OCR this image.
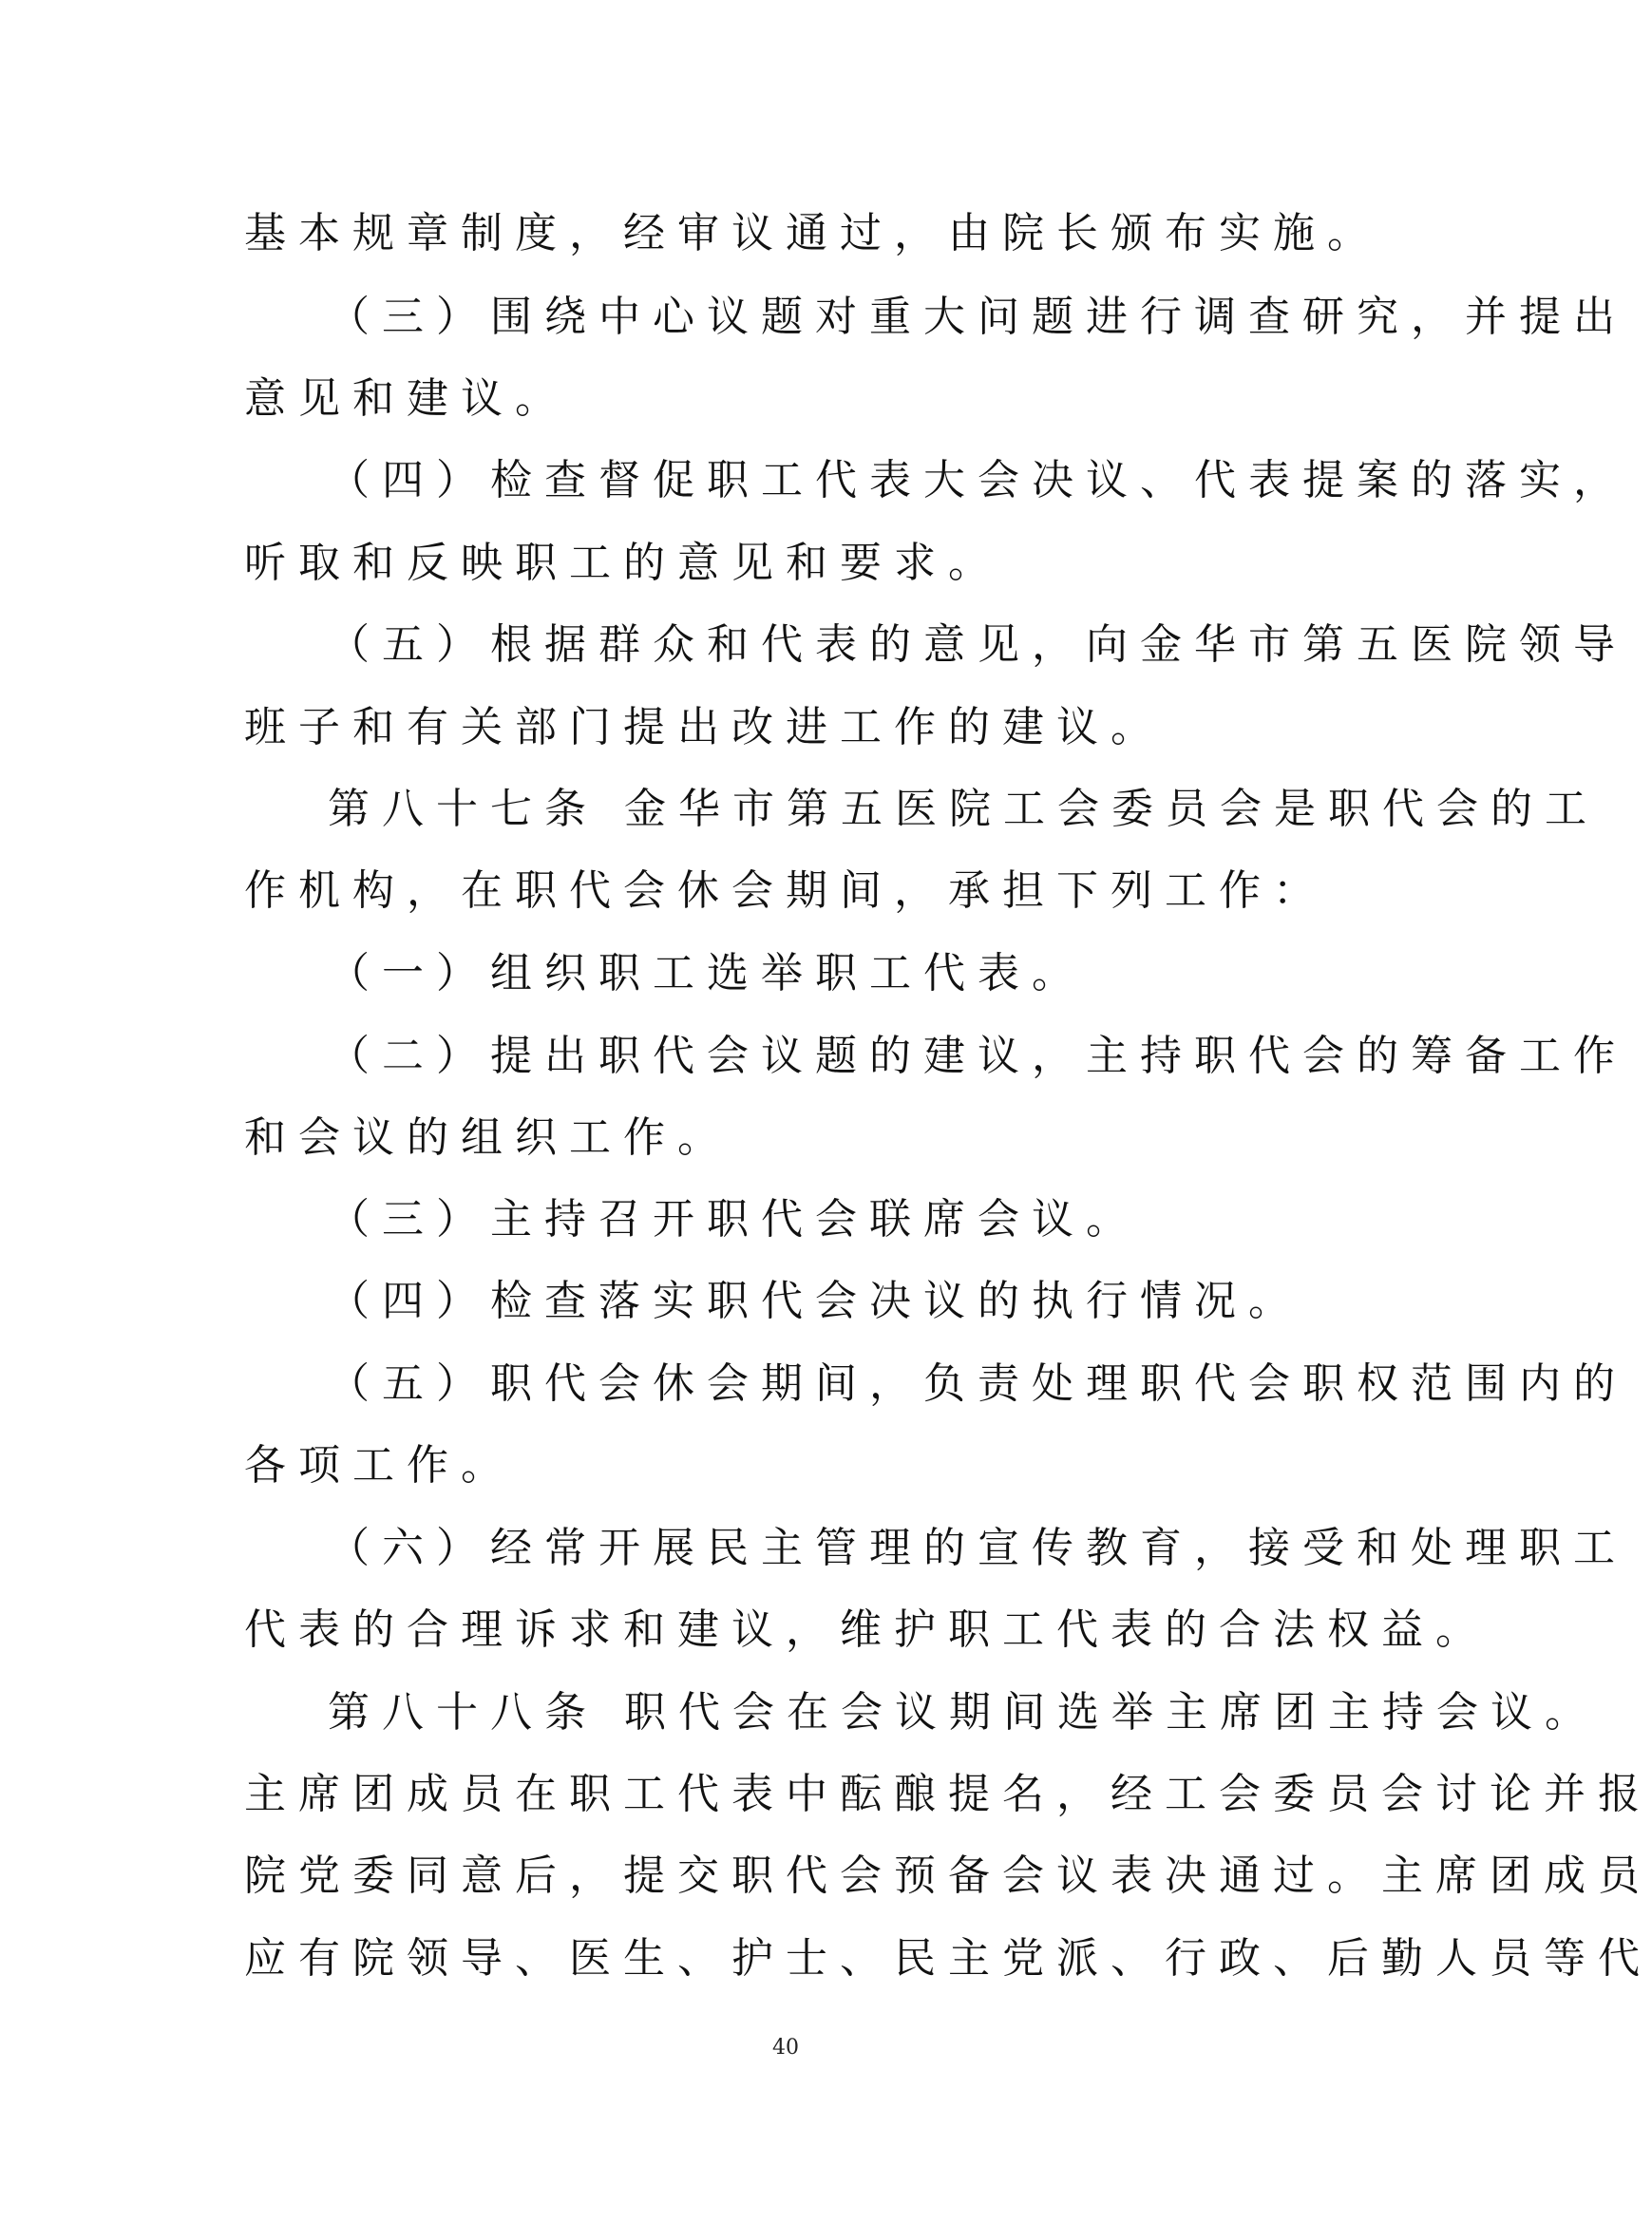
基本规章制度，经审议通过，由院长颁布实施。
（三）围绕中心议题对重大问题进行调查研究，并提出
意见和建议。
（四）检查督促职工代表大会决议、代表提案的落实，
听取和反映职工的意见和要求。
（五）根据群众和代表的意见，向金华市第五医院领导
班子和有关部门提出改进工作的建议。
第八十七条 金华市第五医院工会委员会是职代会的工
作机构，在职代会休会期间，承担下列工作：
（一）组织职工选举职工代表。
（二）提出职代会议题的建议，主持职代会的筹备工作
和会议的组织工作。
（三）主持召开职代会联席会议。
（四）检查落实职代会决议的执行情况。
（五）职代会休会期间，负责处理职代会职权范围内的
各项工作。
（六）经常开展民主管理的宣传教育，接受和处理职工
代表的合理诉求和建议，维护职工代表的合法权益。
第八十八条 职代会在会议期间选举主席团主持会议。
主席团成员在职工代表中酝酿提名，经工会委员会讨论并报
院党委同意后，提交职代会预备会议表决通过。主席团成员
应有院领导、医生、护士、民主党派、行政、后勤人员等代
40
